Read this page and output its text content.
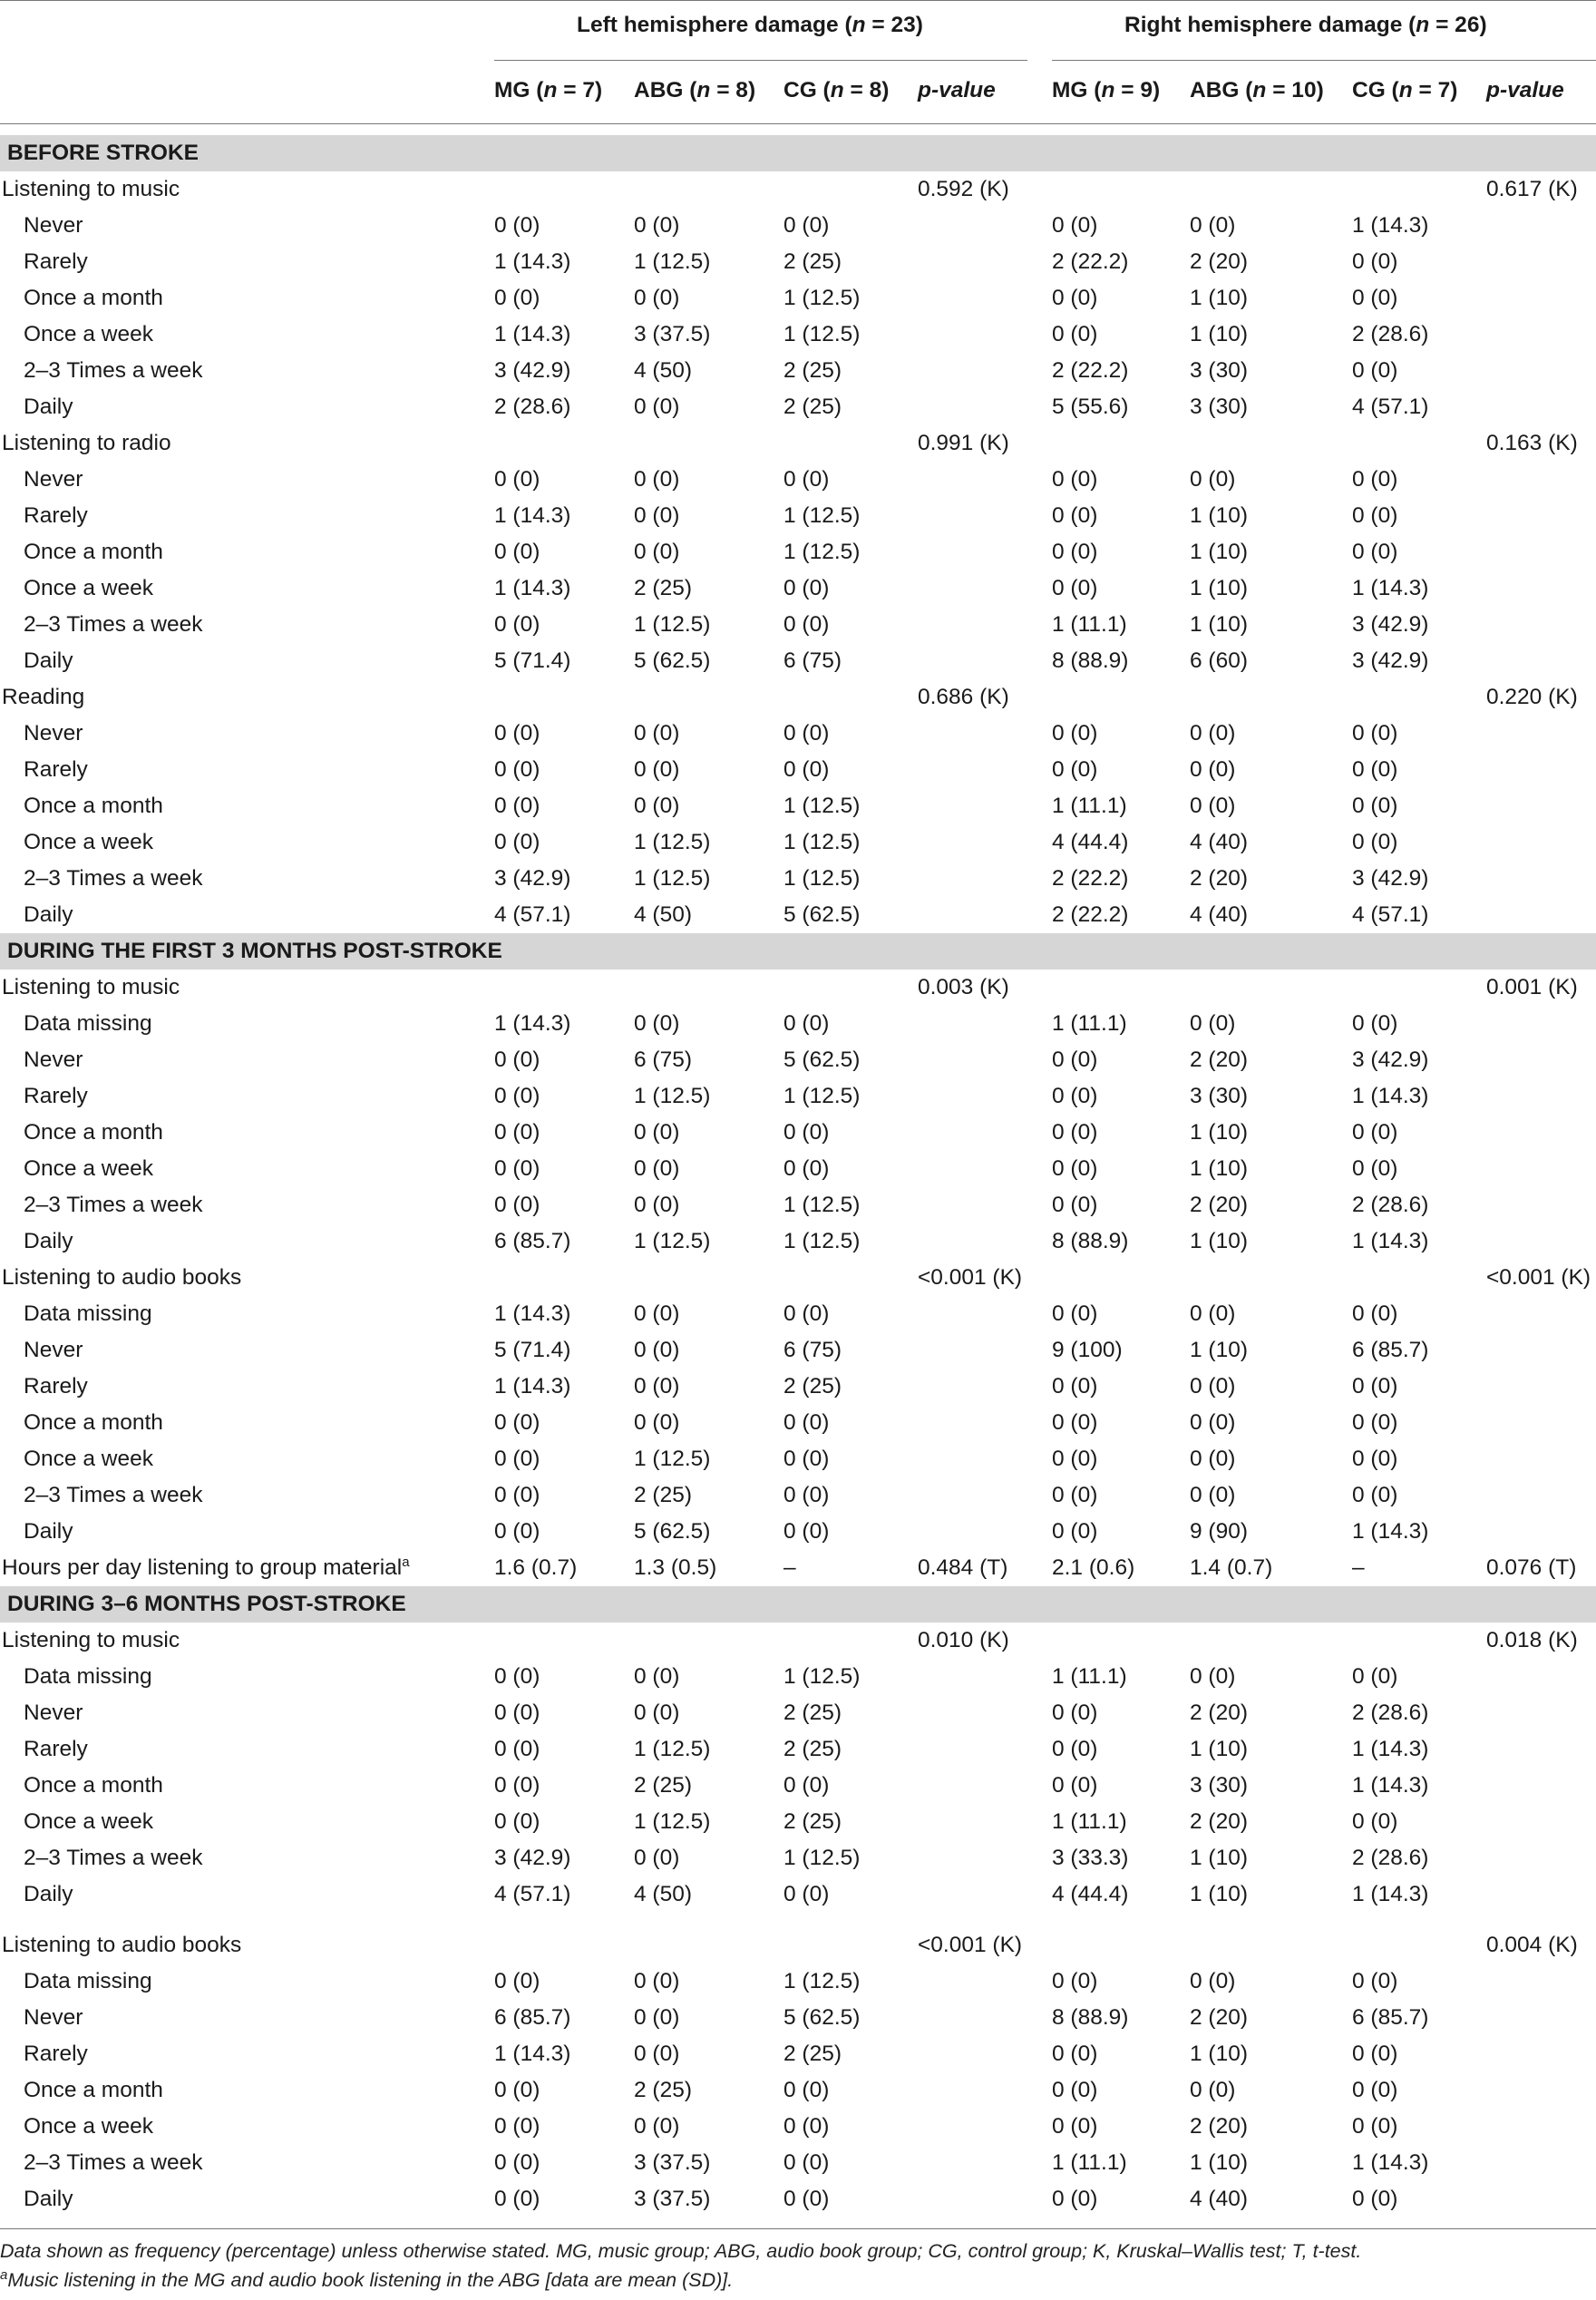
Left hemisphere damage (n = 23)	Right hemisphere damage (n = 26)
MG (n = 7) ABG (n = 8) CG (n = 8) p-value	MG (n = 9) ABG (n = 10) CG (n = 7) p-value
BEFORE STROKE
Listening to music	0.592 (K)	0.617 (K)
Never	0 (0)	0 (0)	0 (0)	0 (0)	0 (0)	1 (14.3)
Rarely	1 (14.3)	1 (12.5)	2 (25)	2 (22.2)	2 (20)	0 (0)
Once a month	0 (0)	0 (0)	1 (12.5)	0 (0)	1 (10)	0 (0)
Once a week	1 (14.3)	3 (37.5)	1 (12.5)	0 (0)	1 (10)	2 (28.6)
2–3 Times a week	3 (42.9)	4 (50)	2 (25)	2 (22.2)	3 (30)	0 (0)
Daily	2 (28.6)	0 (0)	2 (25)	5 (55.6)	3 (30)	4 (57.1)
Listening to radio	0.991 (K)	0.163 (K)
Never	0 (0)	0 (0)	0 (0)	0 (0)	0 (0)	0 (0)
Rarely	1 (14.3)	0 (0)	1 (12.5)	0 (0)	1 (10)	0 (0)
Once a month	0 (0)	0 (0)	1 (12.5)	0 (0)	1 (10)	0 (0)
Once a week	1 (14.3)	2 (25)	0 (0)	0 (0)	1 (10)	1 (14.3)
2–3 Times a week	0 (0)	1 (12.5)	0 (0)	1 (11.1)	1 (10)	3 (42.9)
Daily	5 (71.4)	5 (62.5)	6 (75)	8 (88.9)	6 (60)	3 (42.9)
Reading	0.686 (K)	0.220 (K)
Never	0 (0)	0 (0)	0 (0)	0 (0)	0 (0)	0 (0)
Rarely	0 (0)	0 (0)	0 (0)	0 (0)	0 (0)	0 (0)
Once a month	0 (0)	0 (0)	1 (12.5)	1 (11.1)	0 (0)	0 (0)
Once a week	0 (0)	1 (12.5)	1 (12.5)	4 (44.4)	4 (40)	0 (0)
2–3 Times a week	3 (42.9)	1 (12.5)	1 (12.5)	2 (22.2)	2 (20)	3 (42.9)
Daily	4 (57.1)	4 (50)	5 (62.5)	2 (22.2)	4 (40)	4 (57.1)
DURING THE FIRST 3 MONTHS POST-STROKE
Listening to music	0.003 (K)	0.001 (K)
Data missing	1 (14.3)	0 (0)	0 (0)	1 (11.1)	0 (0)	0 (0)
Never	0 (0)	6 (75)	5 (62.5)	0 (0)	2 (20)	3 (42.9)
Rarely	0 (0)	1 (12.5)	1 (12.5)	0 (0)	3 (30)	1 (14.3)
Once a month	0 (0)	0 (0)	0 (0)	0 (0)	1 (10)	0 (0)
Once a week	0 (0)	0 (0)	0 (0)	0 (0)	1 (10)	0 (0)
2–3 Times a week	0 (0)	0 (0)	1 (12.5)	0 (0)	2 (20)	2 (28.6)
Daily	6 (85.7)	1 (12.5)	1 (12.5)	8 (88.9)	1 (10)	1 (14.3)
Listening to audio books	<0.001 (K)	<0.001 (K)
Data missing	1 (14.3)	0 (0)	0 (0)	0 (0)	0 (0)	0 (0)
Never	5 (71.4)	0 (0)	6 (75)	9 (100)	1 (10)	6 (85.7)
Rarely	1 (14.3)	0 (0)	2 (25)	0 (0)	0 (0)	0 (0)
Once a month	0 (0)	0 (0)	0 (0)	0 (0)	0 (0)	0 (0)
Once a week	0 (0)	1 (12.5)	0 (0)	0 (0)	0 (0)	0 (0)
2–3 Times a week	0 (0)	2 (25)	0 (0)	0 (0)	0 (0)	0 (0)
Daily	0 (0)	5 (62.5)	0 (0)	0 (0)	9 (90)	1 (14.3)
Hours per day listening to group material$^a$	1.6 (0.7)	1.3 (0.5)	–	0.484 (T) 2.1 (0.6) 1.4 (0.7)	–	0.076 (T)
DURING 3–6 MONTHS POST-STROKE
Listening to music	0.010 (K)	0.018 (K)
Data missing	0 (0)	0 (0)	1 (12.5)	1 (11.1)	0 (0)	0 (0)
Never	0 (0)	0 (0)	2 (25)	0 (0)	2 (20)	2 (28.6)
Rarely	0 (0)	1 (12.5)	2 (25)	0 (0)	1 (10)	1 (14.3)
Once a month	0 (0)	2 (25)	0 (0)	0 (0)	3 (30)	1 (14.3)
Once a week	0 (0)	1 (12.5)	2 (25)	1 (11.1)	2 (20)	0 (0)
2–3 Times a week	3 (42.9)	0 (0)	1 (12.5)	3 (33.3)	1 (10)	2 (28.6)
Daily	4 (57.1)	4 (50)	0 (0)	4 (44.4)	1 (10)	1 (14.3)
Listening to audio books	<0.001 (K)	0.004 (K)
Data missing	0 (0)	0 (0)	1 (12.5)	0 (0)	0 (0)	0 (0)
Never	6 (85.7)	0 (0)	5 (62.5)	8 (88.9)	2 (20)	6 (85.7)
Rarely	1 (14.3)	0 (0)	2 (25)	0 (0)	1 (10)	0 (0)
Once a month	0 (0)	2 (25)	0 (0)	0 (0)	0 (0)	0 (0)
Once a week	0 (0)	0 (0)	0 (0)	0 (0)	2 (20)	0 (0)
2–3 Times a week	0 (0)	3 (37.5)	0 (0)	1 (11.1)	1 (10)	1 (14.3)
Daily	0 (0)	3 (37.5)	0 (0)	0 (0)	4 (40)	0 (0)
Data shown as frequency (percentage) unless otherwise stated. MG, music group; ABG, audio book group; CG, control group; K, Kruskal–Wallis test; T, t-test.
$^a$Music listening in the MG and audio book listening in the ABG [data are mean (SD)].
